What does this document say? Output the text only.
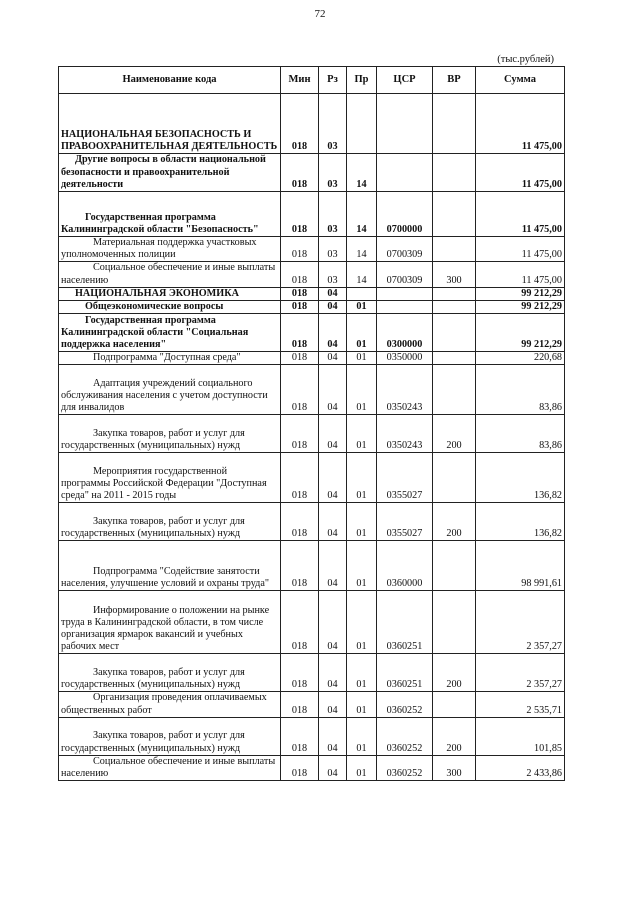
72
(тыс.рублей)
Наименование кода	Мин	Рз	Пр	ЦСР	ВР	Сумма
НАЦИОНАЛЬНАЯ БЕЗОПАСНОСТЬ И ПРАВООХРАНИТЕЛЬНАЯ ДЕЯТЕЛЬНОСТЬ	018	03				11 475,00
Другие вопросы в области национальной безопасности и правоохранительной деятельности	018	03	14			11 475,00
Государственная программа Калининградской области "Безопасность"	018	03	14	0700000		11 475,00
Материальная поддержка участковых уполномоченных полиции	018	03	14	0700309		11 475,00
Социальное обеспечение и иные выплаты населению	018	03	14	0700309	300	11 475,00
НАЦИОНАЛЬНАЯ ЭКОНОМИКА	018	04				99 212,29
Общеэкономические вопросы	018	04	01			99 212,29
Государственная программа Калининградской области "Социальная поддержка населения"	018	04	01	0300000		99 212,29
Подпрограмма "Доступная среда"	018	04	01	0350000		220,68
Адаптация учреждений социального обслуживания населения с учетом доступности для инвалидов	018	04	01	0350243		83,86
Закупка товаров, работ и услуг для государственных (муниципальных) нужд	018	04	01	0350243	200	83,86
Мероприятия государственной программы Российской Федерации "Доступная среда" на 2011 - 2015 годы	018	04	01	0355027		136,82
Закупка товаров, работ и услуг для государственных (муниципальных) нужд	018	04	01	0355027	200	136,82
Подпрограмма "Содействие занятости населения, улучшение условий и охраны труда"	018	04	01	0360000		98 991,61
Информирование о положении на рынке труда в Калининградской области, в том числе организация ярмарок вакансий и учебных рабочих мест	018	04	01	0360251		2 357,27
Закупка товаров, работ и услуг для государственных (муниципальных) нужд	018	04	01	0360251	200	2 357,27
Организация проведения оплачиваемых общественных работ	018	04	01	0360252		2 535,71
Закупка товаров, работ и услуг для государственных (муниципальных) нужд	018	04	01	0360252	200	101,85
Социальное обеспечение и иные выплаты населению	018	04	01	0360252	300	2 433,86
